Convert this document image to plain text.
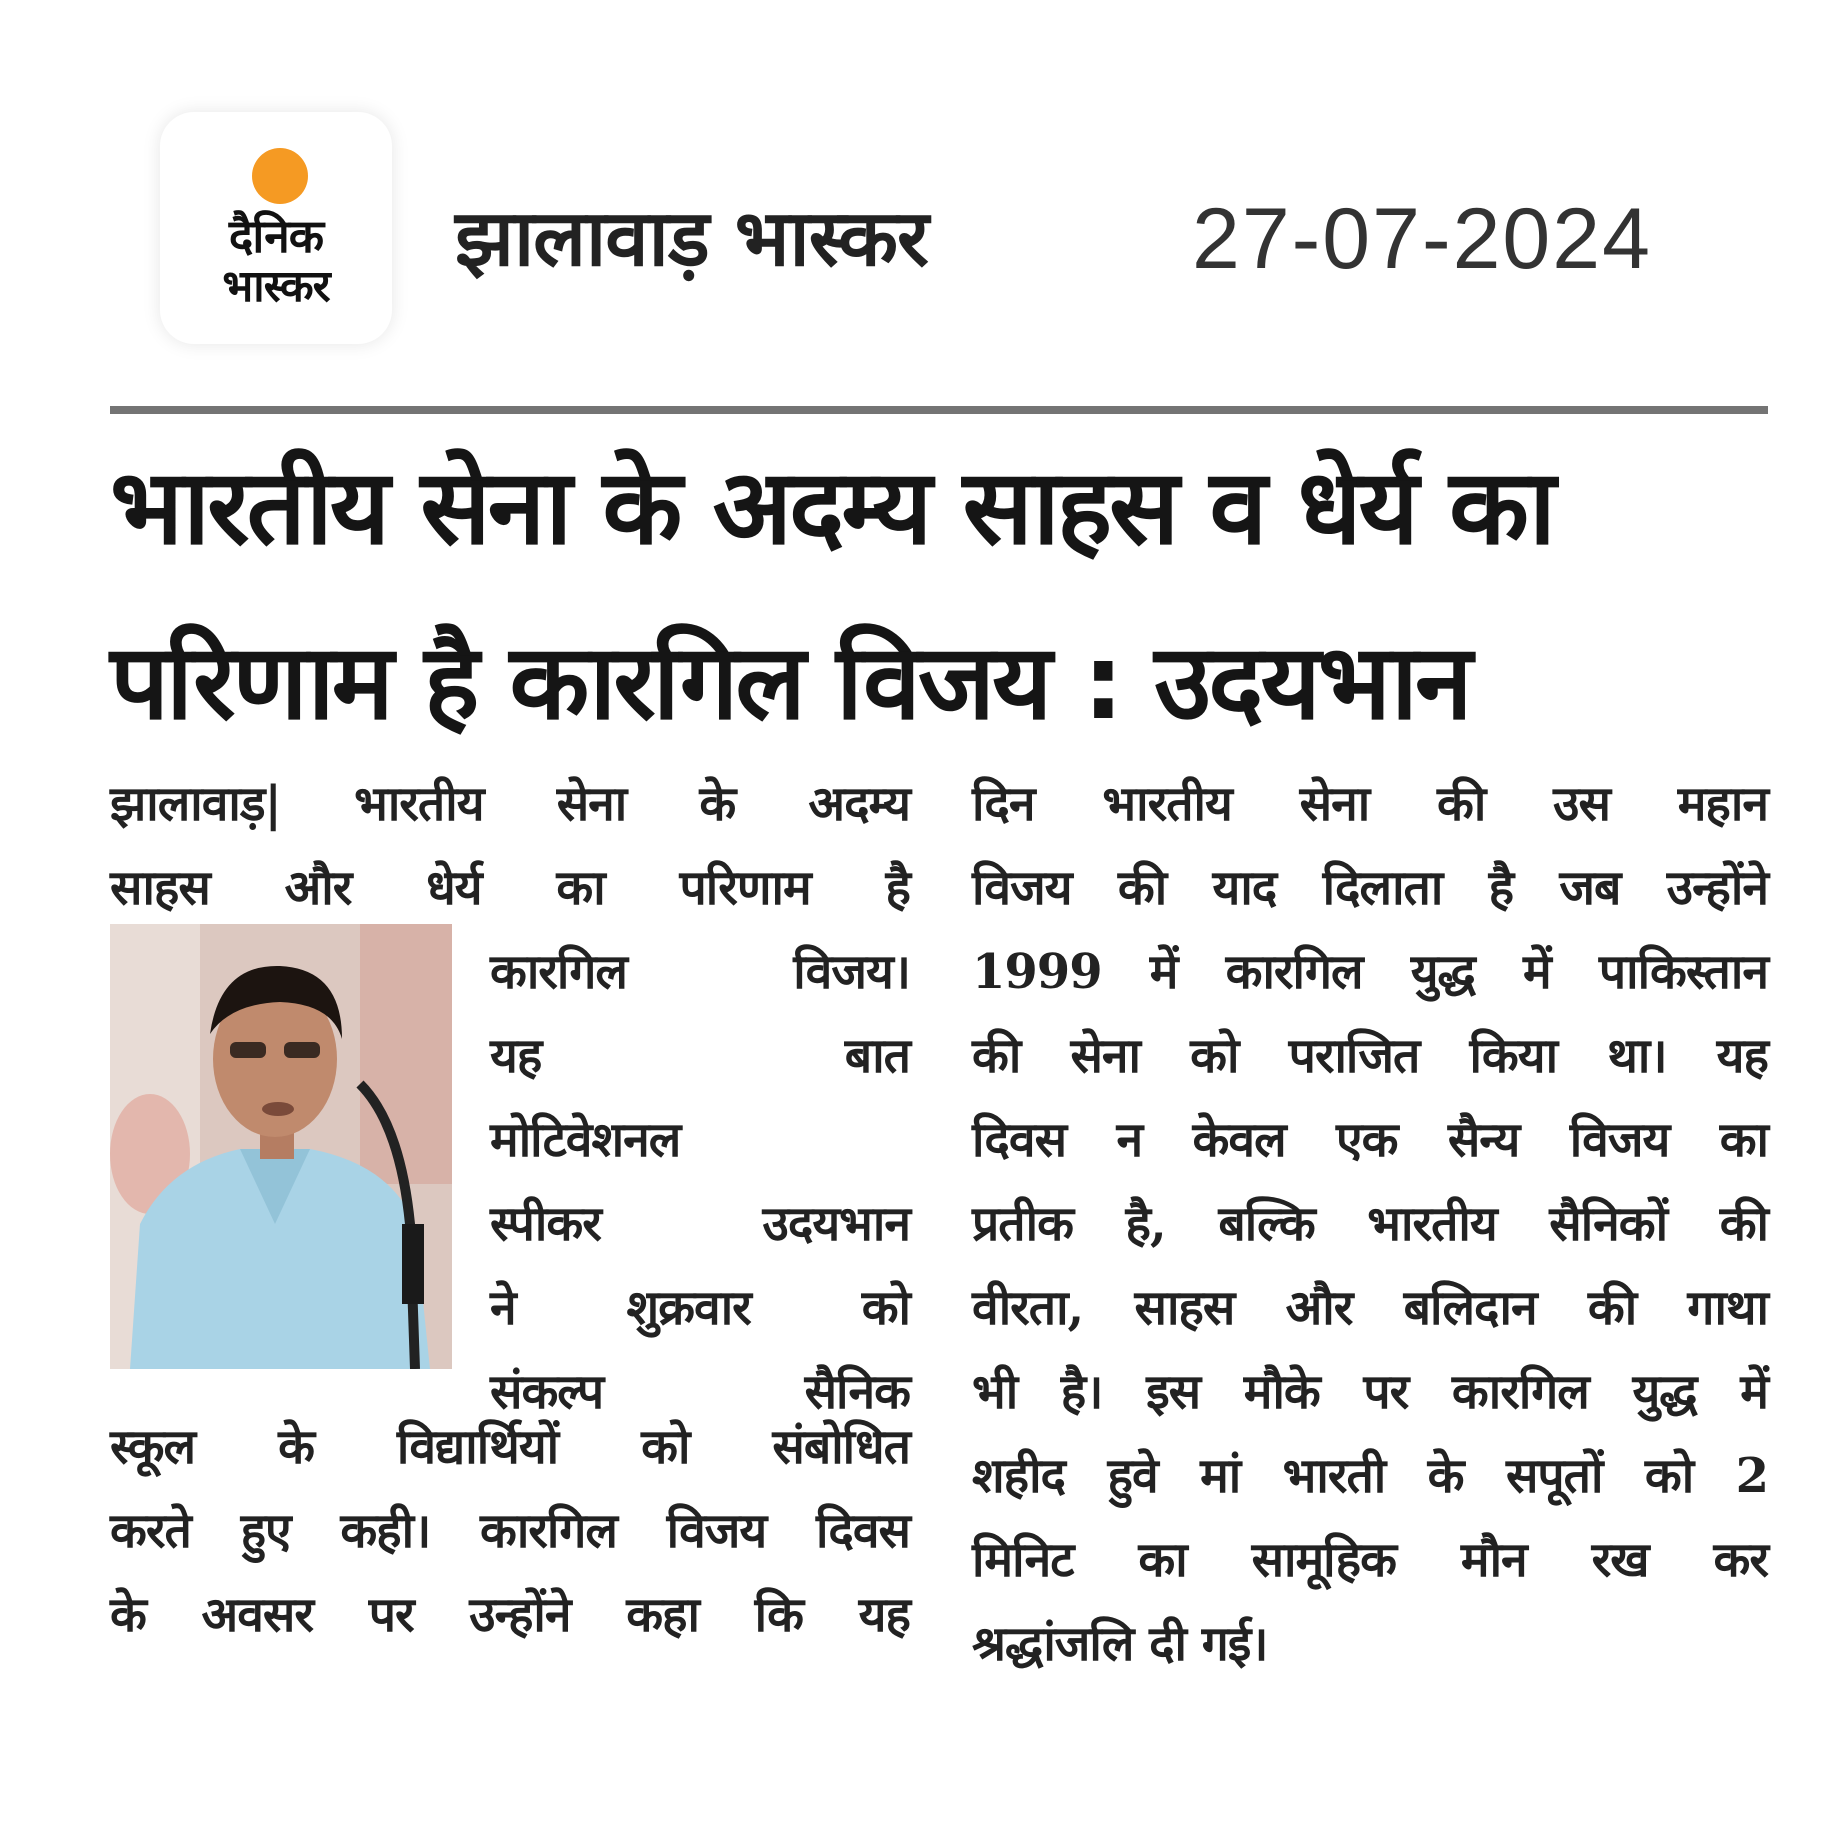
दैनिक
भास्कर
झालावाड़ भास्कर	27-07-2024
भारतीय सेना के अदम्य साहस व धेर्य का
परिणाम है कारगिल विजय : उदयभान
झालावाड़| भारतीय सेना के अदम्य
साहस और धेर्य का परिणाम है
कारगिल विजय।
यह बात
मोटिवेशनल
स्पीकर उदयभान
ने शुक्रवार को
संकल्प सैनिक
स्कूल के विद्यार्थियों को संबोधित
करते हुए कही। कारगिल विजय दिवस
के अवसर पर उन्होंने कहा कि यह
दिन भारतीय सेना की उस महान
विजय की याद दिलाता है जब उन्होंने
1999 में कारगिल युद्ध में पाकिस्तान
की सेना को पराजित किया था। यह
दिवस न केवल एक सैन्य विजय का
प्रतीक है, बल्कि भारतीय सैनिकों की
वीरता, साहस और बलिदान की गाथा
भी है। इस मौके पर कारगिल युद्ध में
शहीद हुवे मां भारती के सपूतों को 2
मिनिट का सामूहिक मौन रख कर
श्रद्धांजलि दी गई।
